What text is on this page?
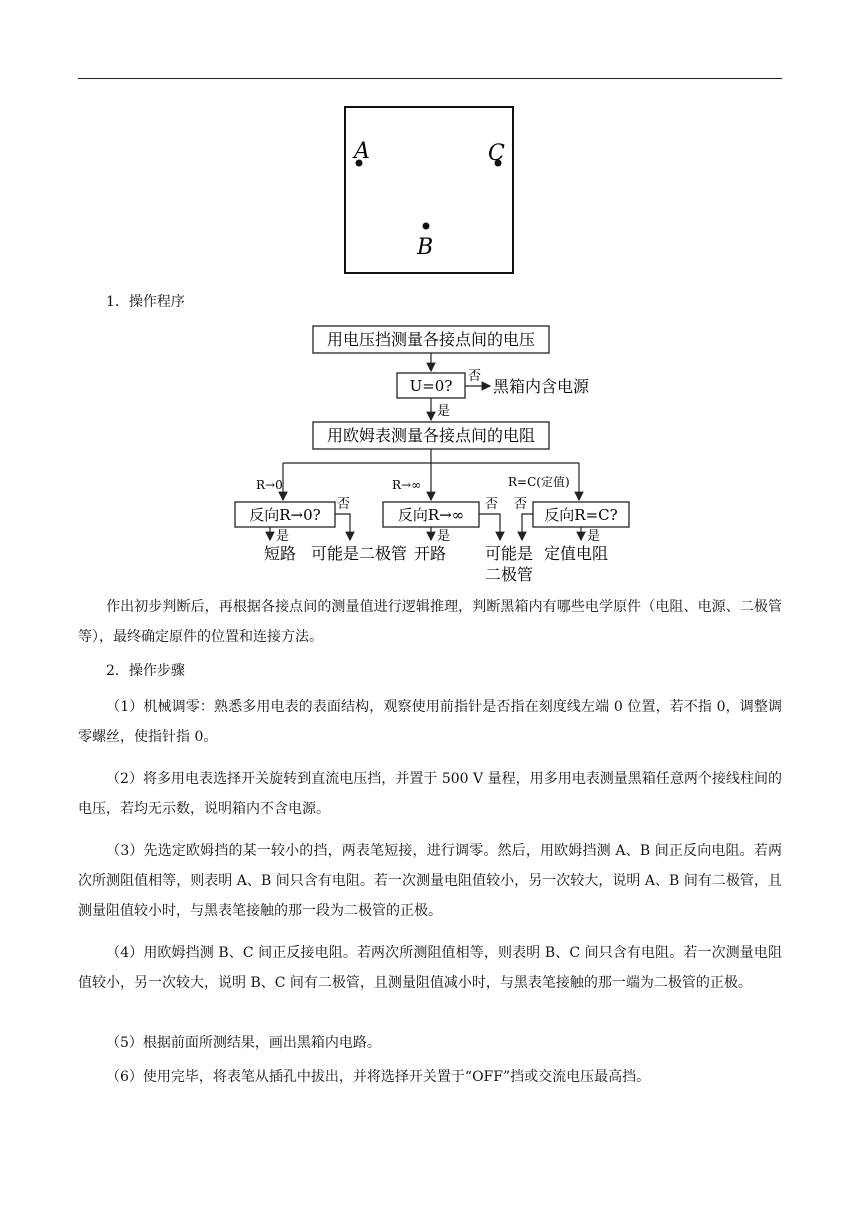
A	C
B
1．操作程序
用电压挡测量各接点间的电压
U=0?
否
黑箱内含电源
是
用欧姆表测量各接点间的电阻
R→0	R→∞	R=C(定值)
反向R→0?
是
否
短路 可能是二极管
反向R→∞
是
否
开路 可能是
二极管
反向R=C?
是
否
定值电阻
作出初步判断后，再根据各接点间的测量值进行逻辑推理，判断黑箱内有哪些电学原件（电阻、电源、二极管等），最终确定原件的位置和连接方法。
2．操作步骤
（1）机械调零：熟悉多用电表的表面结构，观察使用前指针是否指在刻度线左端 0 位置，若不指 0，调整调零螺丝，使指针指 0。
（2）将多用电表选择开关旋转到直流电压挡，并置于 500 V 量程，用多用电表测量黑箱任意两个接线柱间的电压，若均无示数，说明箱内不含电源。
（3）先选定欧姆挡的某一较小的挡，两表笔短接，进行调零。然后，用欧姆挡测 A、B 间正反向电阻。若两次所测阻值相等，则表明 A、B 间只含有电阻。若一次测量电阻值较小，另一次较大，说明 A、B 间有二极管，且测量阻值较小时，与黑表笔接触的那一段为二极管的正极。
（4）用欧姆挡测 B、C 间正反接电阻。若两次所测阻值相等，则表明 B、C 间只含有电阻。若一次测量电阻值较小，另一次较大，说明 B、C 间有二极管，且测量阻值减小时，与黑表笔接触的那一端为二极管的正极。
（5）根据前面所测结果，画出黑箱内电路。
（6）使用完毕，将表笔从插孔中拔出，并将选择开关置于“OFF”挡或交流电压最高挡。
